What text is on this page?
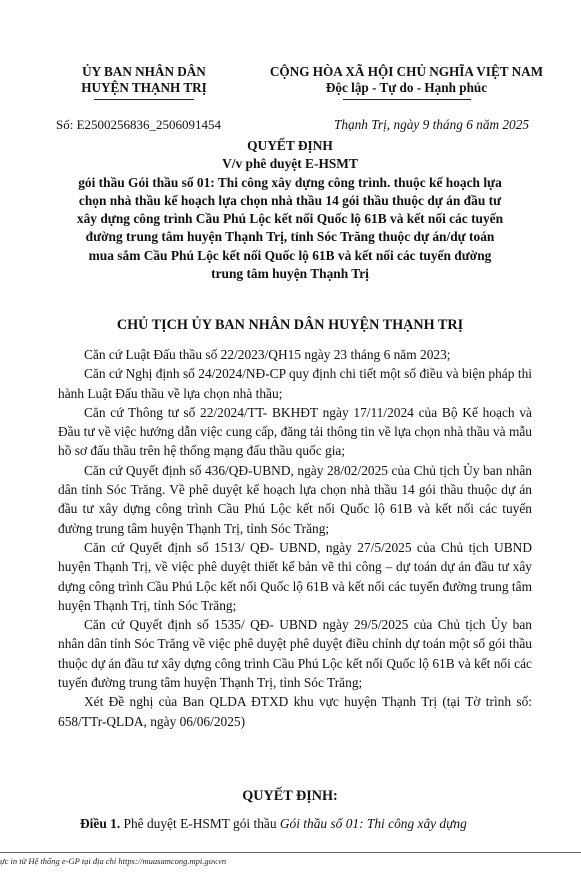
ỦY BAN NHÂN DÂN
HUYỆN THẠNH TRỊ
CỘNG HÒA XÃ HỘI CHỦ NGHĨA VIỆT NAM
Độc lập - Tự do - Hạnh phúc
Số: E2500256836_2506091454	Thạnh Trị, ngày 9 tháng 6 năm 2025
QUYẾT ĐỊNH
V/v phê duyệt E-HSMT
gói thầu Gói thầu số 01: Thi công xây dựng công trình. thuộc kế hoạch lựa
chọn nhà thầu kế hoạch lựa chọn nhà thầu 14 gói thầu thuộc dự án đầu tư
xây dựng công trình Cầu Phú Lộc kết nối Quốc lộ 61B và kết nối các tuyến
đường trung tâm huyện Thạnh Trị, tỉnh Sóc Trăng thuộc dự án/dự toán
mua sắm Cầu Phú Lộc kết nối Quốc lộ 61B và kết nối các tuyến đường
trung tâm huyện Thạnh Trị
CHỦ TỊCH ỦY BAN NHÂN DÂN HUYỆN THẠNH TRỊ

Căn cứ Luật Đấu thầu số 22/2023/QH15 ngày 23 tháng 6 năm 2023;

Căn cứ Nghị định số 24/2024/NĐ-CP quy định chi tiết một số điều và biện pháp thi hành Luật Đấu thầu về lựa chọn nhà thầu;

Căn cứ Thông tư số 22/2024/TT- BKHĐT ngày 17/11/2024 của Bộ Kế hoạch và Đầu tư về việc hướng dẫn việc cung cấp, đăng tải thông tin về lựa chọn nhà thầu và mẫu hồ sơ đấu thầu trên hệ thống mạng đấu thầu quốc gia;

Căn cứ Quyết định số 436/QĐ-UBND, ngày 28/02/2025 của Chủ tịch Ủy ban nhân dân tỉnh Sóc Trăng. Về phê duyệt kế hoạch lựa chọn nhà thầu 14 gói thầu thuộc dự án đầu tư xây dựng công trình Cầu Phú Lộc kết nối Quốc lộ 61B và kết nối các tuyến đường trung tâm huyện Thạnh Trị, tỉnh Sóc Trăng;

Căn cứ Quyết định số 1513/ QĐ- UBND, ngày 27/5/2025 của Chủ tịch UBND huyện Thạnh Trị, về việc phê duyệt thiết kế bản vẽ thi công – dự toán dự án đầu tư xây dựng công trình Cầu Phú Lộc kết nối Quốc lộ 61B và kết nối các tuyến đường trung tâm huyện Thạnh Trị, tỉnh Sóc Trăng;

Căn cứ Quyết định số 1535/ QĐ- UBND ngày 29/5/2025 của Chủ tịch Ủy ban nhân dân tỉnh Sóc Trăng về việc phê duyệt phê duyệt điều chỉnh dự toán một số gói thầu thuộc dự án đầu tư xây dựng công trình Cầu Phú Lộc kết nối Quốc lộ 61B và kết nối các tuyến đường trung tâm huyện Thạnh Trị, tỉnh Sóc Trăng;

Xét Đề nghị của Ban QLDA ĐTXD khu vực huyện Thạnh Trị (tại Tờ trình số: 658/TTr-QLDA, ngày 06/06/2025)

QUYẾT ĐỊNH:
Điều 1. Phê duyệt E-HSMT gói thầu Gói thầu số 01: Thi công xây dựng
ực in từ Hệ thống e-GP tại địa chỉ https://muasamcong.mpi.gov.vn
